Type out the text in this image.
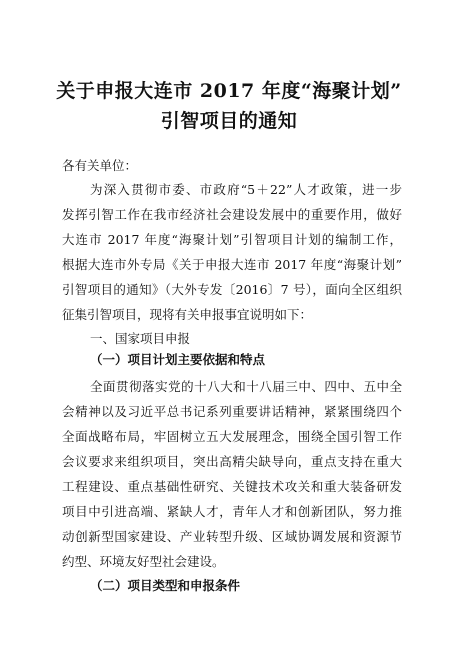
关于申报大连市 2017 年度“海聚计划”
引智项目的通知
各有关单位：
为深入贯彻市委、市政府“5＋22”人才政策，进一步
发挥引智工作在我市经济社会建设发展中的重要作用，做好
大连市 2017 年度“海聚计划”引智项目计划的编制工作，
根据大连市外专局《关于申报大连市 2017 年度“海聚计划”
引智项目的通知》（大外专发〔2016〕7 号），面向全区组织
征集引智项目，现将有关申报事宜说明如下：
一、国家项目申报
（一）项目计划主要依据和特点
全面贯彻落实党的十八大和十八届三中、四中、五中全
会精神以及习近平总书记系列重要讲话精神，紧紧围绕四个
全面战略布局，牢固树立五大发展理念，围绕全国引智工作
会议要求来组织项目，突出高精尖缺导向，重点支持在重大
工程建设、重点基础性研究、关键技术攻关和重大装备研发
项目中引进高端、紧缺人才，青年人才和创新团队，努力推
动创新型国家建设、产业转型升级、区域协调发展和资源节
约型、环境友好型社会建设。
（二）项目类型和申报条件
